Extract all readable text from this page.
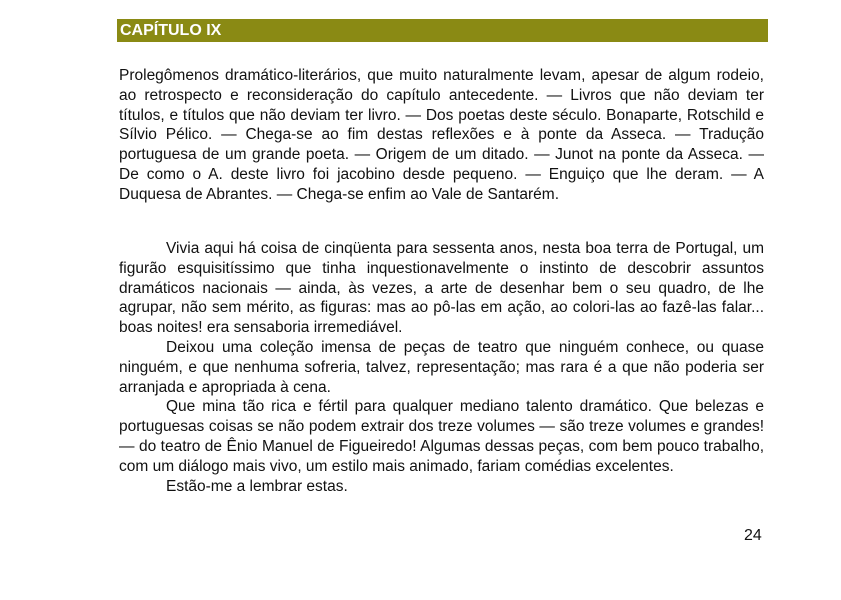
CAPÍTULO IX

Prolegômenos dramático-literários, que muito naturalmente levam, apesar de algum rodeio, ao retrospecto e reconsideração do capítulo antecedente. — Livros que não deviam ter títulos, e títulos que não deviam ter livro. — Dos poetas deste século. Bonaparte, Rotschild e Sílvio Pélico. — Chega-se ao fim destas reflexões e à ponte da Asseca. — Tradução portuguesa de um grande poeta. — Origem de um ditado. — Junot na ponte da Asseca. — De como o A. deste livro foi jacobino desde pequeno. — Enguiço que lhe deram. — A Duquesa de Abrantes. — Chega-se enfim ao Vale de Santarém.

Vivia aqui há coisa de cinqüenta para sessenta anos, nesta boa terra de Portugal, um figurão esquisitíssimo que tinha inquestionavelmente o instinto de descobrir assuntos dramáticos nacionais — ainda, às vezes, a arte de desenhar bem o seu quadro, de lhe agrupar, não sem mérito, as figuras: mas ao pô-las em ação, ao colori-las ao fazê-las falar... boas noites! era sensaboria irremediável.

Deixou uma coleção imensa de peças de teatro que ninguém conhece, ou quase ninguém, e que nenhuma sofreria, talvez, representação; mas rara é a que não poderia ser arranjada e apropriada à cena.

Que mina tão rica e fértil para qualquer mediano talento dramático. Que belezas e portuguesas coisas se não podem extrair dos treze volumes — são treze volumes e grandes! — do teatro de Ênio Manuel de Figueiredo! Algumas dessas peças, com bem pouco trabalho, com um diálogo mais vivo, um estilo mais animado, fariam comédias excelentes.

Estão-me a lembrar estas.

24
